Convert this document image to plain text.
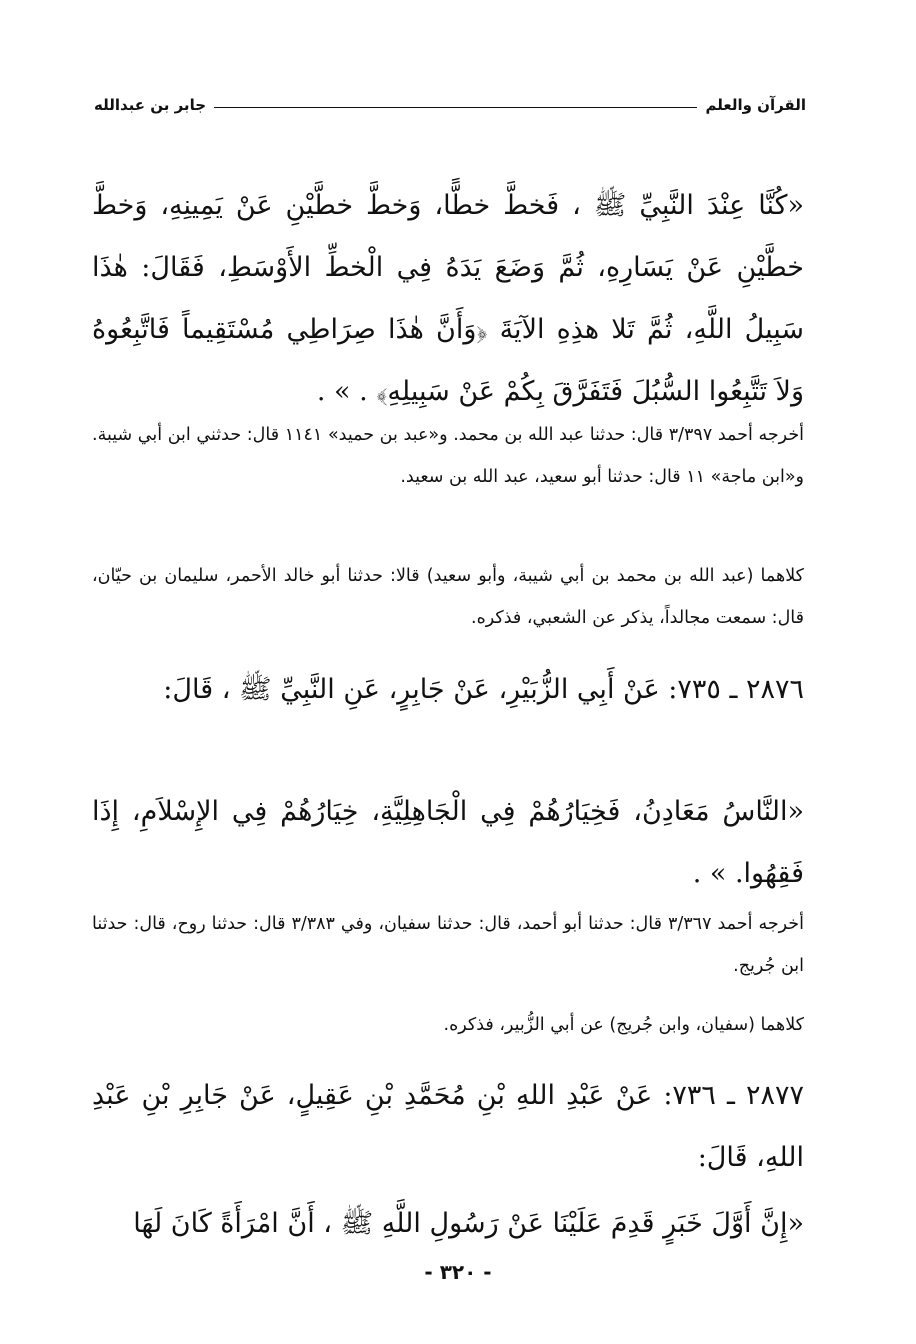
القرآن والعلم
جابر بن عبدالله

«كُنَّا عِنْدَ النَّبِيِّ ﷺ ، فَخطَّ خطًّا، وَخطَّ خطَّيْنِ عَنْ يَمِينِهِ، وَخطَّ خطَّيْنِ عَنْ يَسَارِهِ، ثُمَّ وَضَعَ يَدَهُ فِي الْخطِّ الأَوْسَطِ، فَقَالَ: هٰذَا سَبِيلُ اللَّهِ، ثُمَّ تَلا هذِهِ الآيَةَ ﴿وَأَنَّ هٰذَا صِرَاطِي مُسْتَقِيماً فَاتَّبِعُوهُ وَلاَ تَتَّبِعُوا السُّبُلَ فَتَفَرَّقَ بِكُمْ عَنْ سَبِيلِهِ﴾ . » .

أخرجه أحمد ٣/٣٩٧ قال: حدثنا عبد الله بن محمد. و«عبد بن حميد» ١١٤١ قال: حدثني ابن أبي شيبة. و«ابن ماجة» ١١ قال: حدثنا أبو سعيد، عبد الله بن سعيد.

كلاهما (عبد الله بن محمد بن أبي شيبة، وأبو سعيد) قالا: حدثنا أبو خالد الأحمر، سليمان بن حيّان، قال: سمعت مجالداً، يذكر عن الشعبي، فذكره.

٢٨٧٦ ـ ٧٣٥: عَنْ أَبِي الزُّبَيْرِ، عَنْ جَابِرٍ، عَنِ النَّبِيِّ ﷺ ، قَالَ:

«النَّاسُ مَعَادِنُ، فَخِيَارُهُمْ فِي الْجَاهِلِيَّةِ، خِيَارُهُمْ فِي الإِسْلاَمِ، إِذَا فَقِهُوا. » .

أخرجه أحمد ٣/٣٦٧ قال: حدثنا أبو أحمد، قال: حدثنا سفيان، وفي ٣/٣٨٣ قال: حدثنا روح، قال: حدثنا ابن جُريج.

كلاهما (سفيان، وابن جُريج) عن أبي الزُّبير، فذكره.

٢٨٧٧ ـ ٧٣٦: عَنْ عَبْدِ اللهِ بْنِ مُحَمَّدِ بْنِ عَقِيلٍ، عَنْ جَابِرِ بْنِ عَبْدِ اللهِ، قَالَ:

«إِنَّ أَوَّلَ خَبَرٍ قَدِمَ عَلَيْنَا عَنْ رَسُولِ اللَّهِ ﷺ ، أَنَّ امْرَأَةً كَانَ لَهَا

- ٣٢٠ -
